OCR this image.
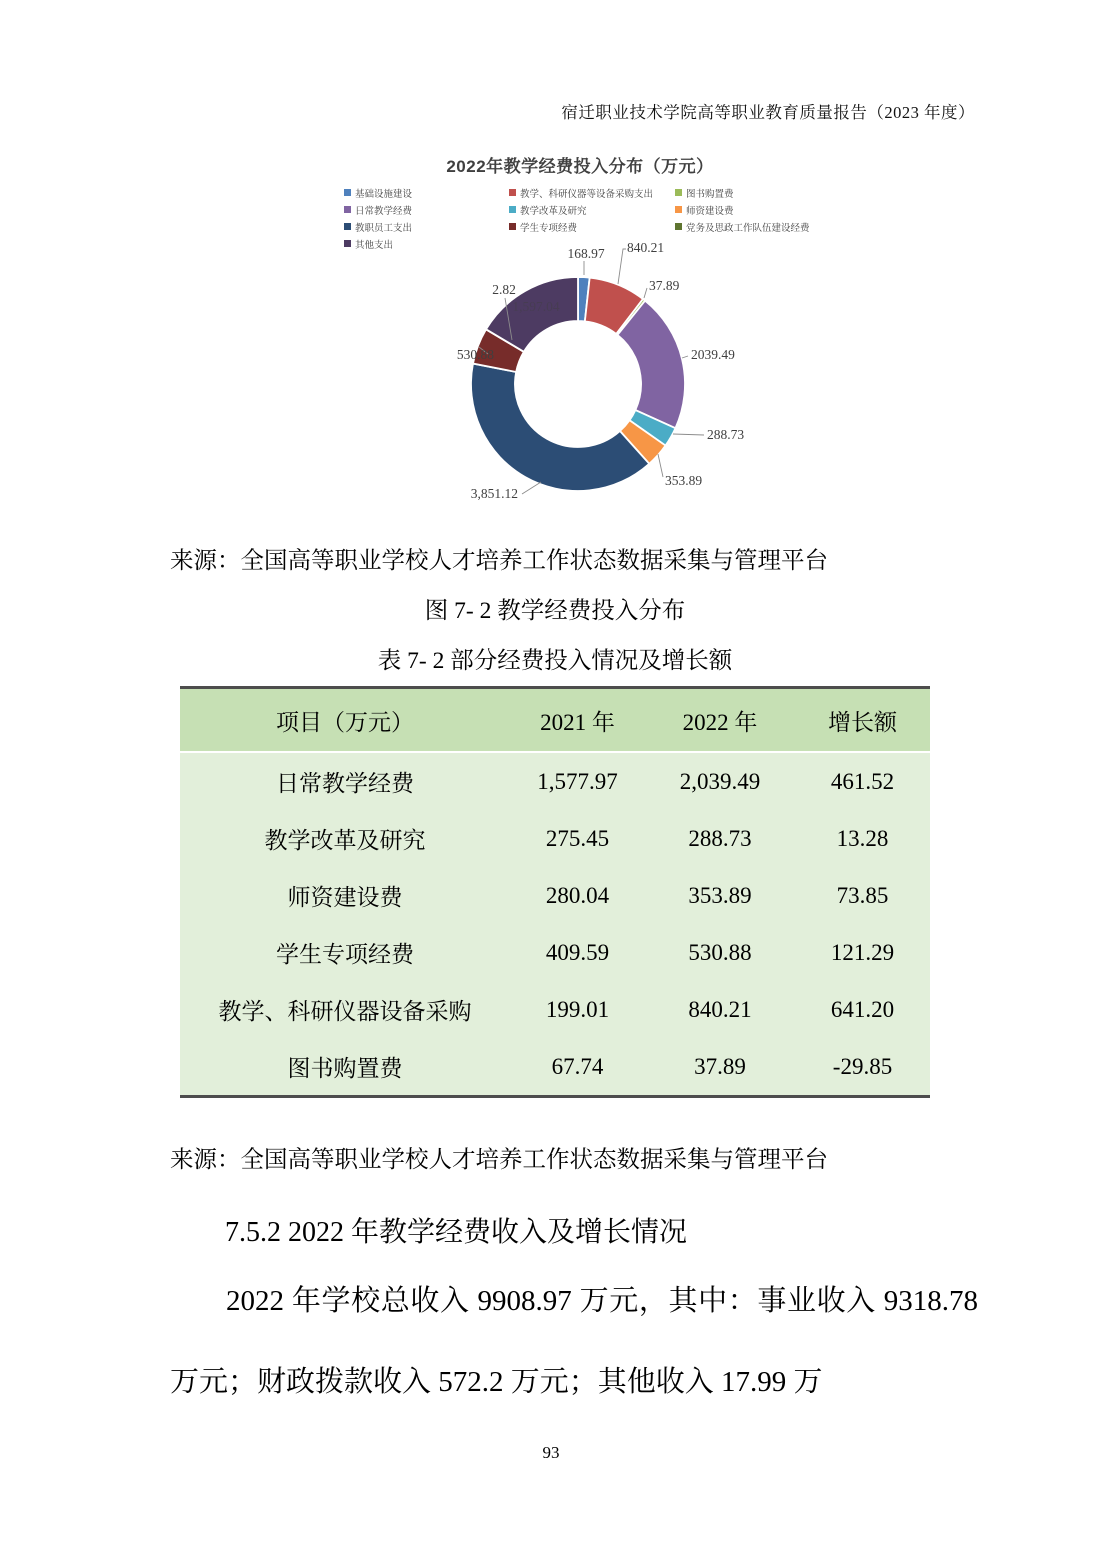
宿迁职业技术学院高等职业教育质量报告（2023 年度）
2022年教学经费投入分布（万元）
基础设施建设	教学、科研仪器等设备采购支出	图书购置费
日常教学经费	教学改革及研究	师资建设费
教职员工支出	学生专项经费	党务及思政工作队伍建设经费
其他支出
168.97 840.21
37.89
2039.49
288.73
353.89
3,851.12
530.88
2.82
1,597.04
来源：全国高等职业学校人才培养工作状态数据采集与管理平台
图 7- 2 教学经费投入分布
表 7- 2 部分经费投入情况及增长额
项目（万元）	2021 年	2022 年	增长额
日常教学经费	1,577.97	2,039.49	461.52
教学改革及研究	275.45	288.73	13.28
师资建设费	280.04	353.89	73.85
学生专项经费	409.59	530.88	121.29
教学、科研仪器设备采购	199.01	840.21	641.20
图书购置费	67.74	37.89	-29.85
来源：全国高等职业学校人才培养工作状态数据采集与管理平台
7.5.2 2022 年教学经费收入及增长情况

2022 年学校总收入 9908.97 万元，其中：事业收入 9318.78 万元；财政拨款收入 572.2 万元；其他收入 17.99 万

93
